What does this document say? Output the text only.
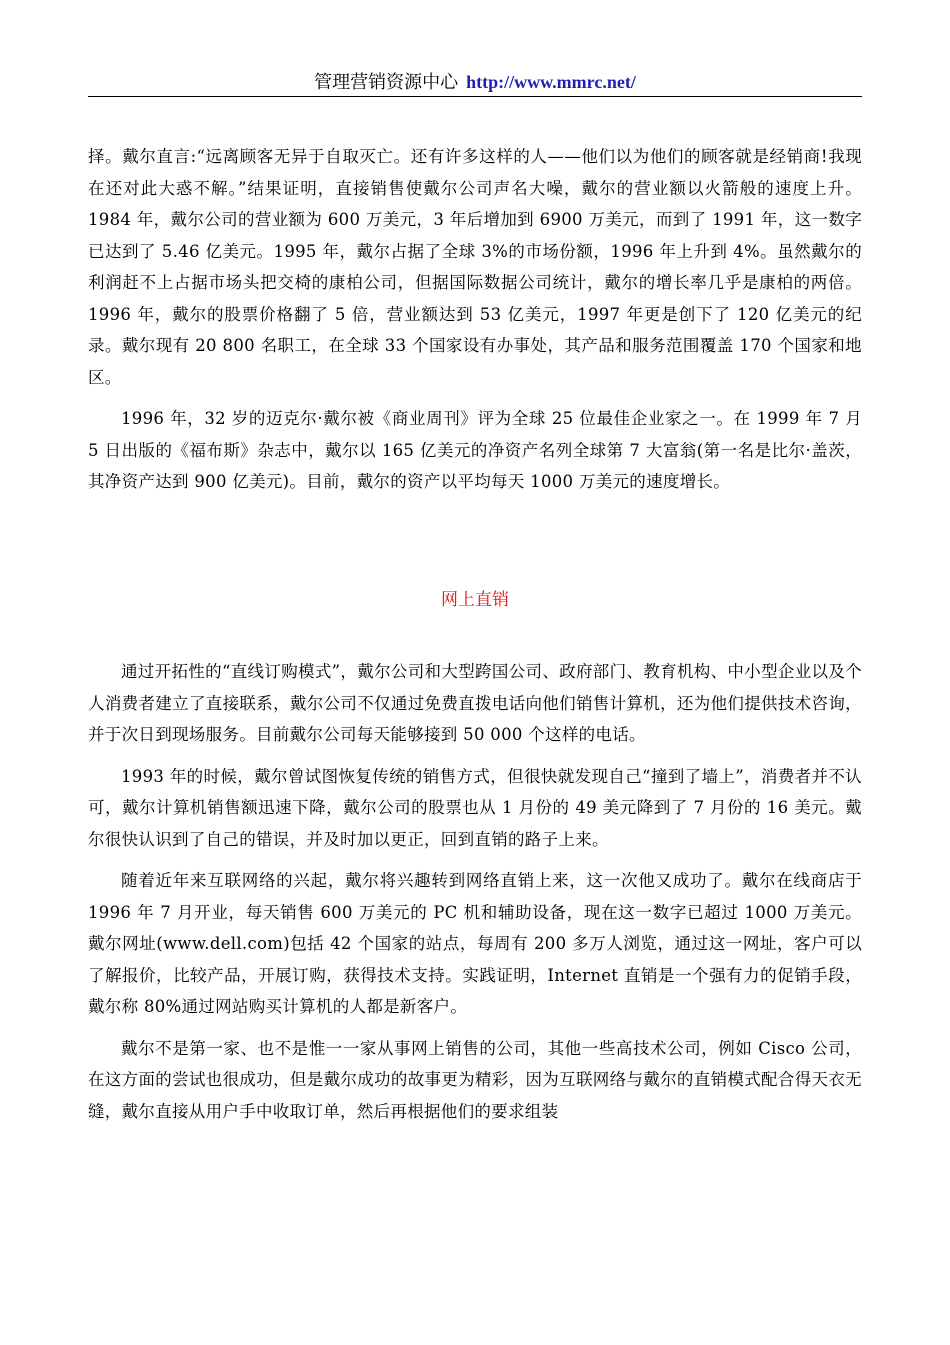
管理营销资源中心 http://www.mmrc.net/

择。戴尔直言:“远离顾客无异于自取灭亡。还有许多这样的人——他们以为他们的顾客就是经销商!我现在还对此大惑不解。”结果证明，直接销售使戴尔公司声名大噪，戴尔的营业额以火箭般的速度上升。1984 年，戴尔公司的营业额为 600 万美元，3 年后增加到 6900 万美元，而到了 1991 年，这一数字已达到了 5.46 亿美元。1995 年，戴尔占据了全球 3%的市场份额，1996 年上升到 4%。虽然戴尔的利润赶不上占据市场头把交椅的康柏公司，但据国际数据公司统计，戴尔的增长率几乎是康柏的两倍。1996 年，戴尔的股票价格翻了 5 倍，营业额达到 53 亿美元，1997 年更是创下了 120 亿美元的纪录。戴尔现有 20 800 名职工，在全球 33 个国家设有办事处，其产品和服务范围覆盖 170 个国家和地区。

1996 年，32 岁的迈克尔·戴尔被《商业周刊》评为全球 25 位最佳企业家之一。在 1999 年 7 月 5 日出版的《福布斯》杂志中，戴尔以 165 亿美元的净资产名列全球第 7 大富翁(第一名是比尔·盖茨，其净资产达到 900 亿美元)。目前，戴尔的资产以平均每天 1000 万美元的速度增长。

网上直销

通过开拓性的“直线订购模式”，戴尔公司和大型跨国公司、政府部门、教育机构、中小型企业以及个人消费者建立了直接联系，戴尔公司不仅通过免费直拨电话向他们销售计算机，还为他们提供技术咨询，并于次日到现场服务。目前戴尔公司每天能够接到 50 000 个这样的电话。

1993 年的时候，戴尔曾试图恢复传统的销售方式，但很快就发现自己“撞到了墙上”，消费者并不认可，戴尔计算机销售额迅速下降，戴尔公司的股票也从 1 月份的 49 美元降到了 7 月份的 16 美元。戴尔很快认识到了自己的错误，并及时加以更正，回到直销的路子上来。

随着近年来互联网络的兴起，戴尔将兴趣转到网络直销上来，这一次他又成功了。戴尔在线商店于 1996 年 7 月开业，每天销售 600 万美元的 PC 机和辅助设备，现在这一数字已超过 1000 万美元。戴尔网址(www.dell.com)包括 42 个国家的站点，每周有 200 多万人浏览，通过这一网址，客户可以了解报价，比较产品，开展订购，获得技术支持。实践证明，Internet 直销是一个强有力的促销手段，戴尔称 80%通过网站购买计算机的人都是新客户。

戴尔不是第一家、也不是惟一一家从事网上销售的公司，其他一些高技术公司，例如 Cisco 公司，在这方面的尝试也很成功，但是戴尔成功的故事更为精彩，因为互联网络与戴尔的直销模式配合得天衣无缝，戴尔直接从用户手中收取订单，然后再根据他们的要求组装
